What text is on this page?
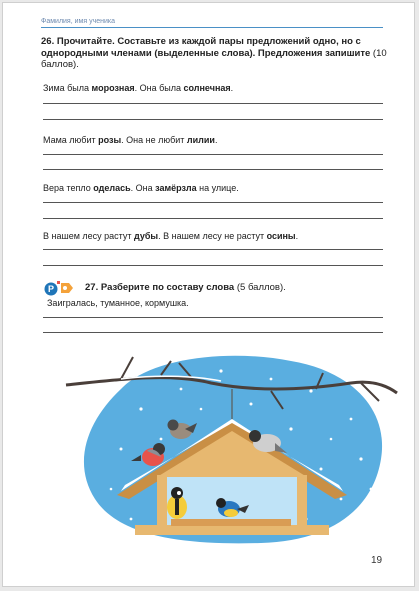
Фамилия, имя ученика
26. Прочитайте. Составьте из каждой пары предложений одно, но с однородными членами (выделенные слова). Предложения запишите (10 баллов).
Зима была морозная. Она была солнечная.
Мама любит розы. Она не любит лилии.
Вера тепло оделась. Она замёрзла на улице.
В нашем лесу растут дубы. В нашем лесу не растут осины.
Р	27. Разберите по составу слова (5 баллов).
Заигралась, туманное, кормушка.
19
